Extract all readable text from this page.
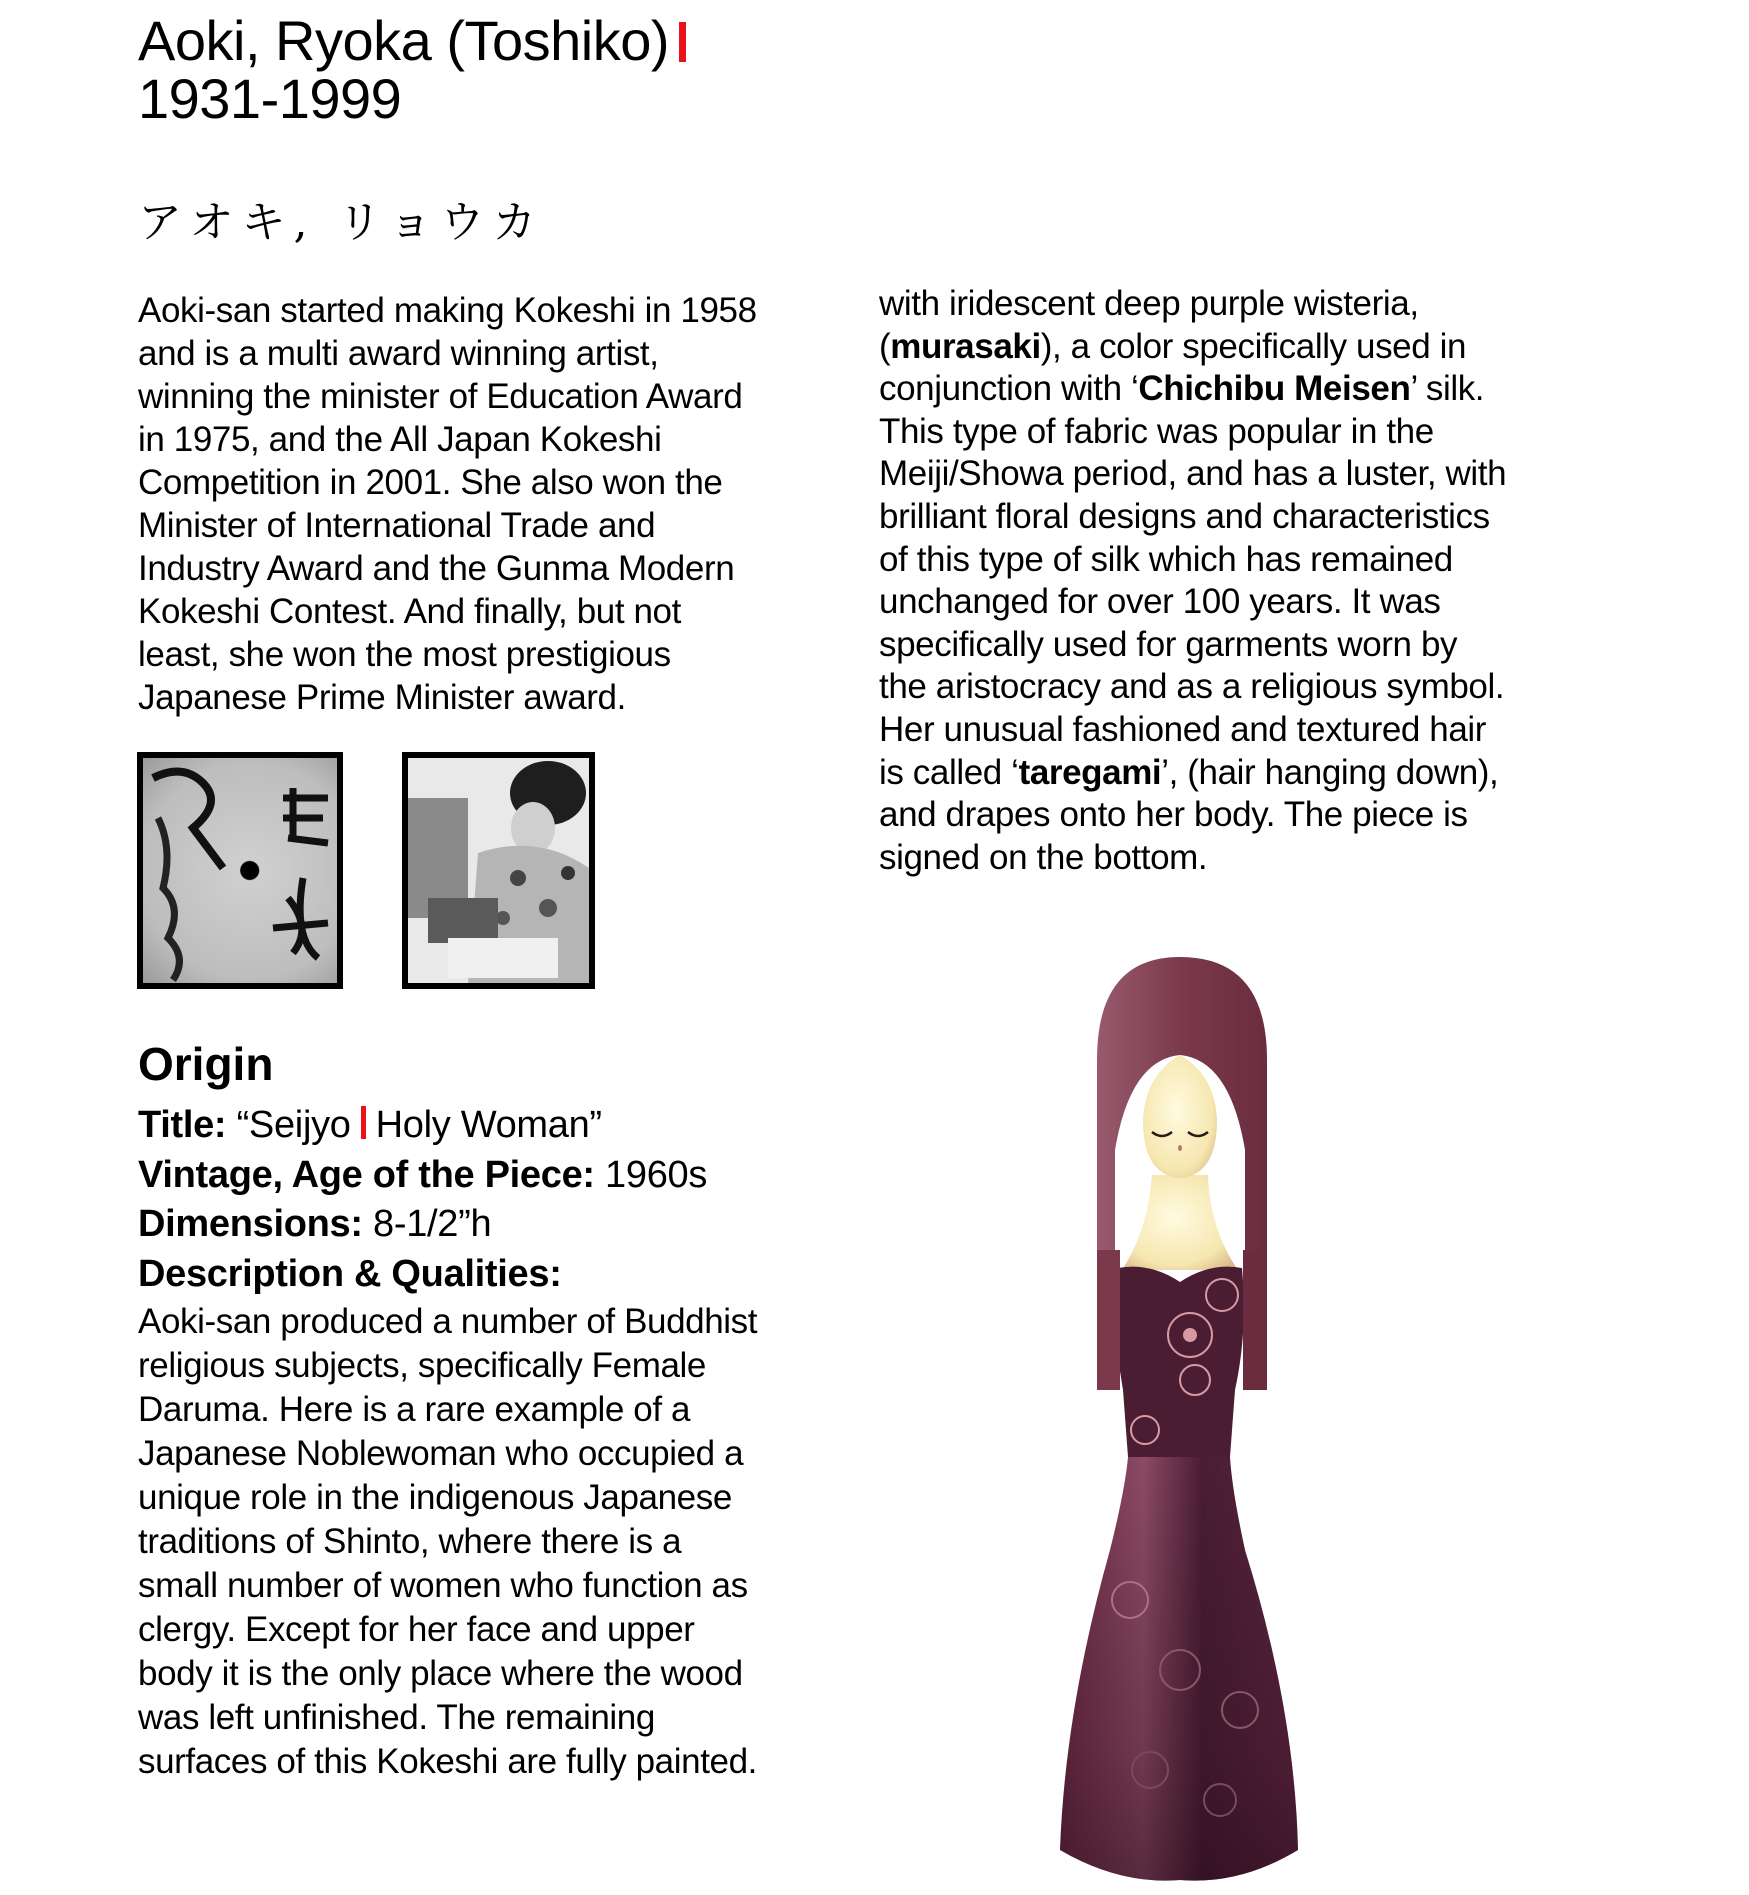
Aoki, Ryoka (Toshiko)
1931-1999
アオキ, リョウカ
Aoki-san started making Kokeshi in 1958
and is a multi award winning artist,
winning the minister of Education Award
in 1975, and the All Japan Kokeshi
Competition in 2001. She also won the
Minister of International Trade and
Industry Award and the Gunma Modern
Kokeshi Contest. And finally, but not
least, she won the most prestigious
Japanese Prime Minister award.
Origin
Title: “Seijyo Holy Woman”
Vintage, Age of the Piece: 1960s
Dimensions: 8-1/2”h
Description & Qualities:
Aoki-san produced a number of Buddhist
religious subjects, specifically Female
Daruma. Here is a rare example of a
Japanese Noblewoman who occupied a
unique role in the indigenous Japanese
traditions of Shinto, where there is a
small number of women who function as
clergy. Except for her face and upper
body it is the only place where the wood
was left unfinished. The remaining
surfaces of this Kokeshi are fully painted.
with iridescent deep purple wisteria,
(murasaki), a color specifically used in
conjunction with ‘Chichibu Meisen’ silk.
This type of fabric was popular in the
Meiji/Showa period, and has a luster, with
brilliant floral designs and characteristics
of this type of silk which has remained
unchanged for over 100 years. It was
specifically used for garments worn by
the aristocracy and as a religious symbol.
Her unusual fashioned and textured hair
is called ‘taregami’, (hair hanging down),
and drapes onto her body. The piece is
signed on the bottom.
